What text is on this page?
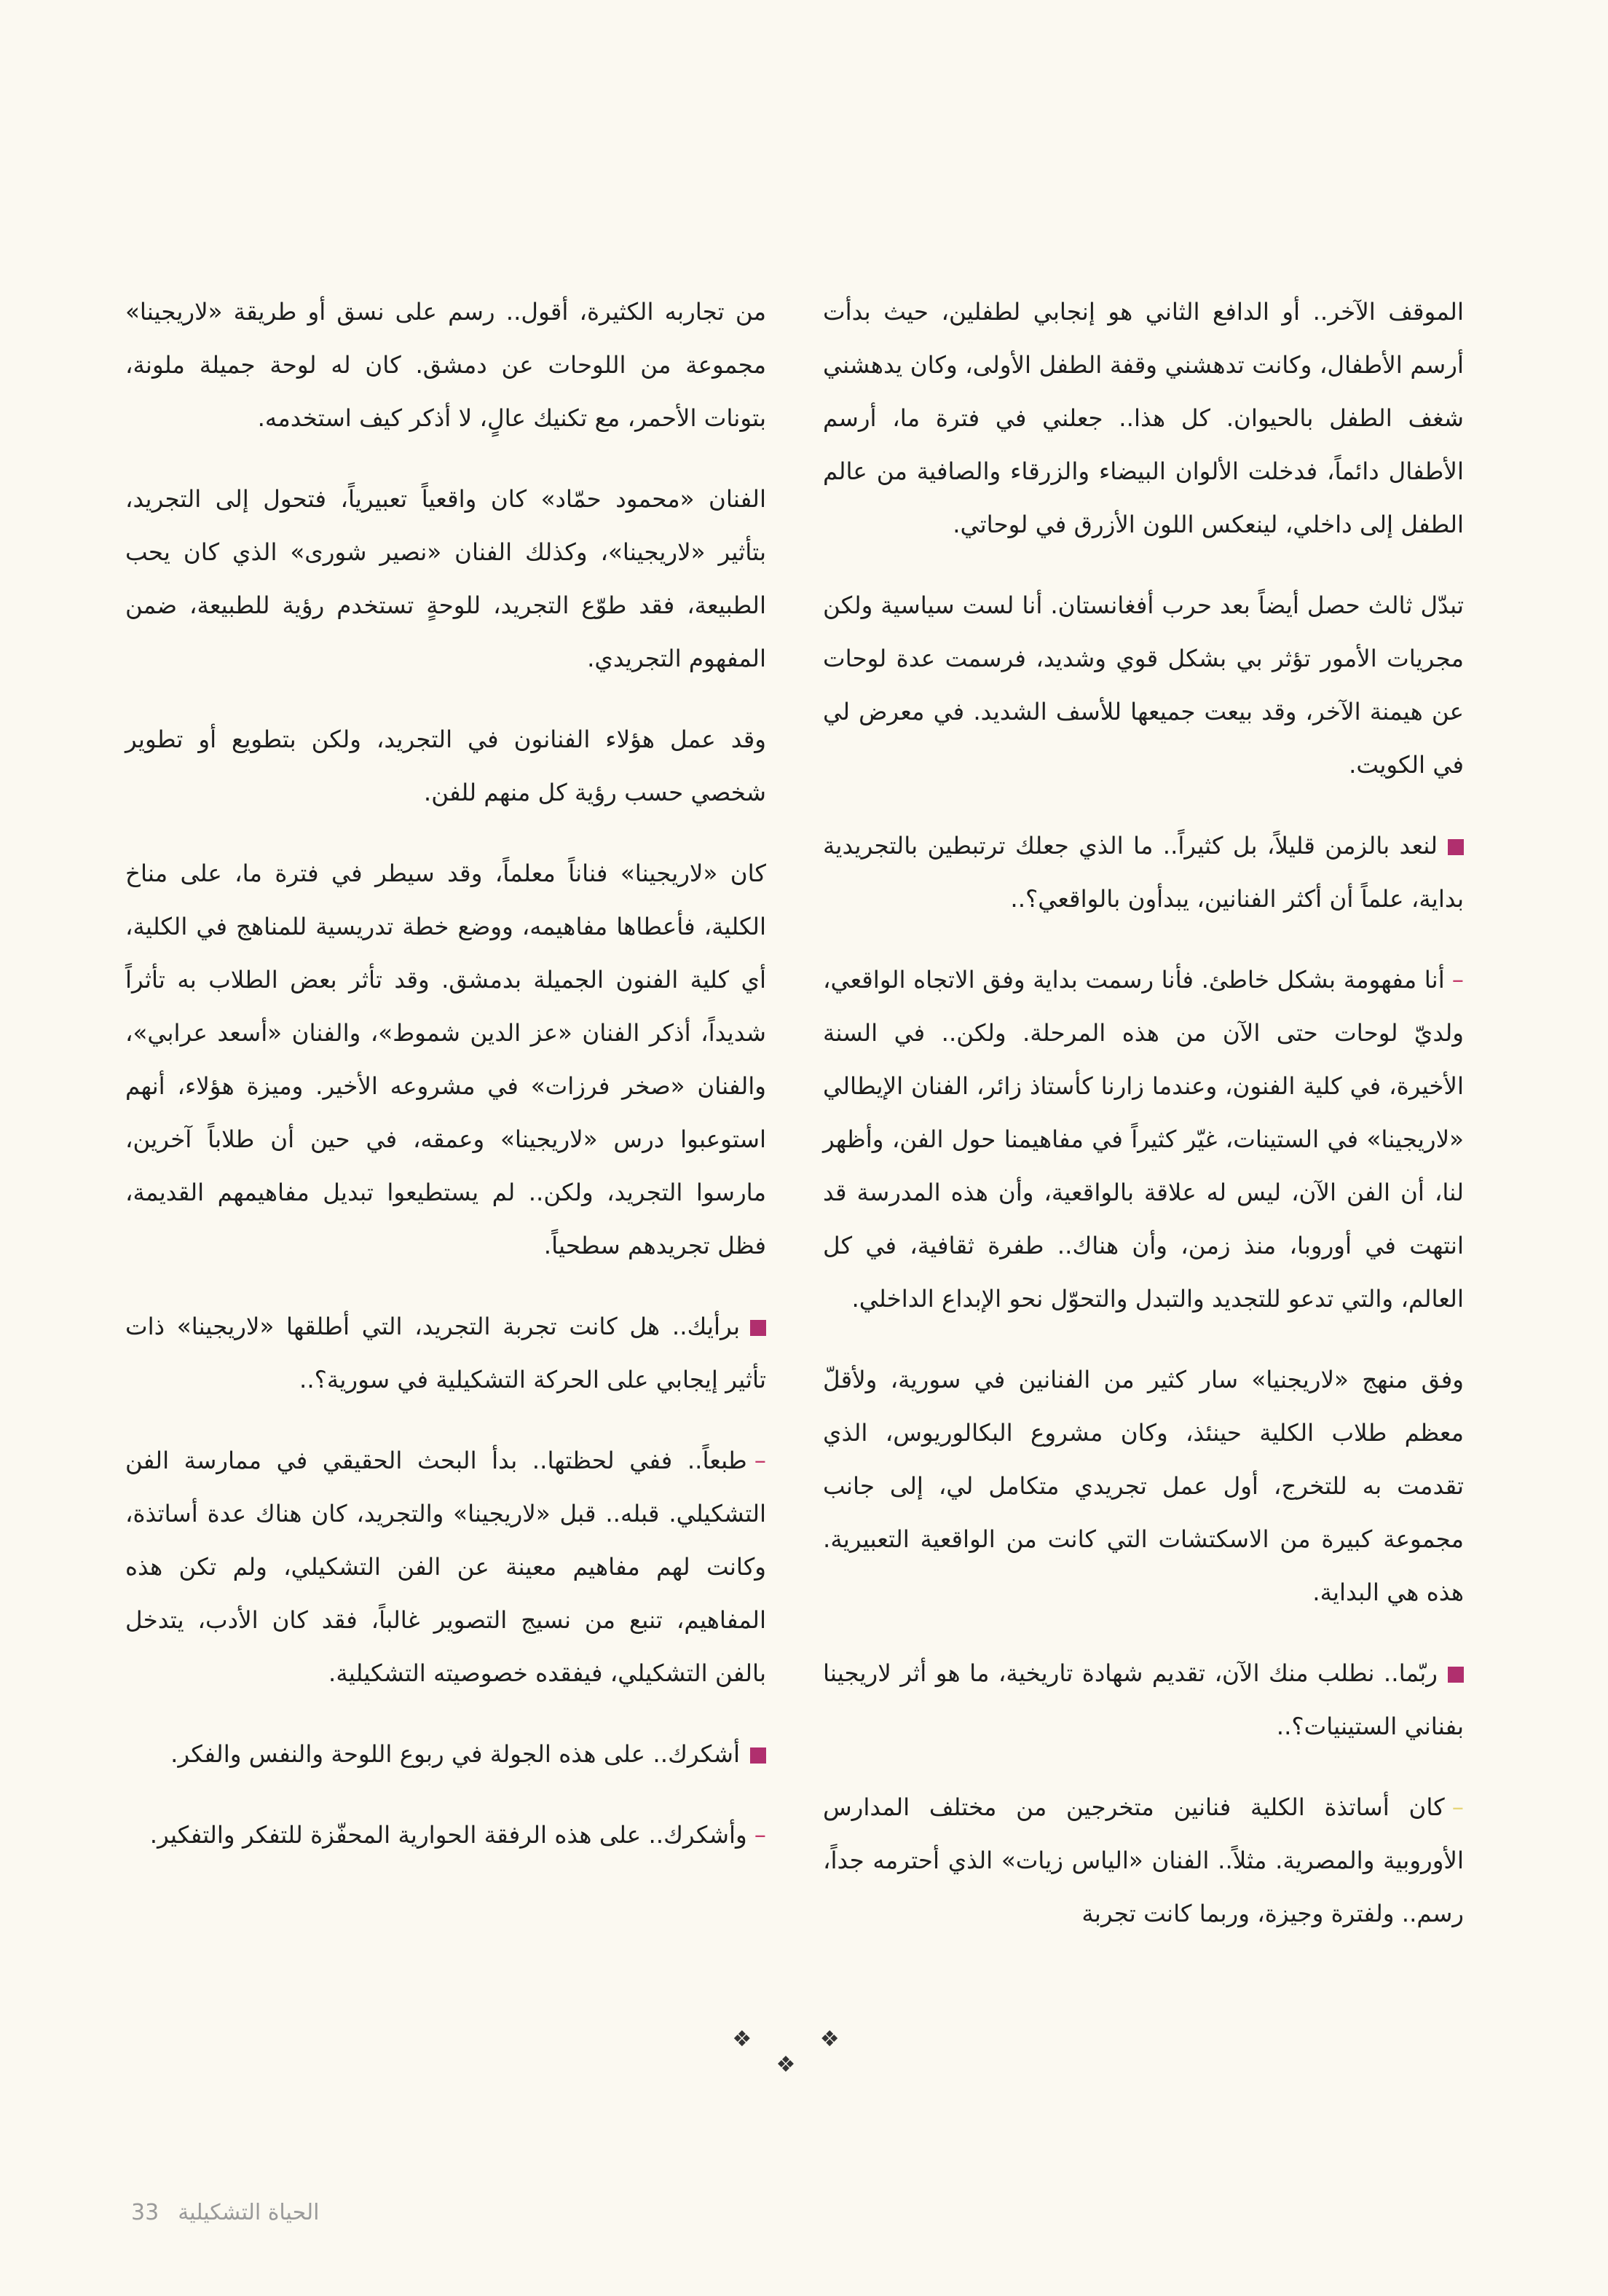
الموقف الآخر.. أو الدافع الثاني هو إنجابي لطفلين، حيث بدأت أرسم الأطفال، وكانت تدهشني وقفة الطفل الأولى، وكان يدهشني شغف الطفل بالحيوان. كل هذا.. جعلني في فترة ما، أرسم الأطفال دائماً، فدخلت الألوان البيضاء والزرقاء والصافية من عالم الطفل إلى داخلي، لينعكس اللون الأزرق في لوحاتي.

تبدّل ثالث حصل أيضاً بعد حرب أفغانستان. أنا لست سياسية ولكن مجريات الأمور تؤثر بي بشكل قوي وشديد، فرسمت عدة لوحات عن هيمنة الآخر، وقد بيعت جميعها للأسف الشديد. في معرض لي في الكويت.

لنعد بالزمن قليلاً، بل كثيراً.. ما الذي جعلك ترتبطين بالتجريدية بداية، علماً أن أكثر الفنانين، يبدأون بالواقعي؟..

–أنا مفهومة بشكل خاطئ. فأنا رسمت بداية وفق الاتجاه الواقعي، ولديّ لوحات حتى الآن من هذه المرحلة. ولكن.. في السنة الأخيرة، في كلية الفنون، وعندما زارنا كأستاذ زائر، الفنان الإيطالي «لاريجينا» في الستينات، غيّر كثيراً في مفاهيمنا حول الفن، وأظهر لنا، أن الفن الآن، ليس له علاقة بالواقعية، وأن هذه المدرسة قد انتهت في أوروبا، منذ زمن، وأن هناك.. طفرة ثقافية، في كل العالم، والتي تدعو للتجديد والتبدل والتحوّل نحو الإبداع الداخلي.

وفق منهج «لاريجنيا» سار كثير من الفنانين في سورية، ولأقلّ معظم طلاب الكلية حينئذ، وكان مشروع البكالوريوس، الذي تقدمت به للتخرج، أول عمل تجريدي متكامل لي، إلى جانب مجموعة كبيرة من الاسكتشات التي كانت من الواقعية التعبيرية. هذه هي البداية.

ربّما.. نطلب منك الآن، تقديم شهادة تاريخية، ما هو أثر لاريجينا بفناني الستينيات؟..

–كان أساتذة الكلية فنانين متخرجين من مختلف المدارس الأوروبية والمصرية. مثلاً.. الفنان «الياس زيات» الذي أحترمه جداً، رسم.. ولفترة وجيزة، وربما كانت تجربة

من تجاربه الكثيرة، أقول.. رسم على نسق أو طريقة «لاريجينا» مجموعة من اللوحات عن دمشق. كان له لوحة جميلة ملونة، بتونات الأحمر، مع تكنيك عالٍ، لا أذكر كيف استخدمه.

الفنان «محمود حمّاد» كان واقعياً تعبيرياً، فتحول إلى التجريد، بتأثير «لاريجينا»، وكذلك الفنان «نصير شورى» الذي كان يحب الطبيعة، فقد طوّع التجريد، للوحةٍ تستخدم رؤية للطبيعة، ضمن المفهوم التجريدي.

وقد عمل هؤلاء الفنانون في التجريد، ولكن بتطويع أو تطوير شخصي حسب رؤية كل منهم للفن.

كان «لاريجينا» فناناً معلماً، وقد سيطر في فترة ما، على مناخ الكلية، فأعطاها مفاهيمه، ووضع خطة تدريسية للمناهج في الكلية، أي كلية الفنون الجميلة بدمشق. وقد تأثر بعض الطلاب به تأثراً شديداً، أذكر الفنان «عز الدين شموط»، والفنان «أسعد عرابي»، والفنان «صخر فرزات» في مشروعه الأخير. وميزة هؤلاء، أنهم استوعبوا درس «لاريجينا» وعمقه، في حين أن طلاباً آخرين، مارسوا التجريد، ولكن.. لم يستطيعوا تبديل مفاهيمهم القديمة، فظل تجريدهم سطحياً.

برأيك.. هل كانت تجربة التجريد، التي أطلقها «لاريجينا» ذات تأثير إيجابي على الحركة التشكيلية في سورية؟..

–طبعاً.. ففي لحظتها.. بدأ البحث الحقيقي في ممارسة الفن التشكيلي. قبله.. قبل «لاريجينا» والتجريد، كان هناك عدة أساتذة، وكانت لهم مفاهيم معينة عن الفن التشكيلي، ولم تكن هذه المفاهيم، تنبع من نسيج التصوير غالباً، فقد كان الأدب، يتدخل بالفن التشكيلي، فيفقده خصوصيته التشكيلية.

أشكرك.. على هذه الجولة في ربوع اللوحة والنفس والفكر.

–وأشكرك.. على هذه الرفقة الحوارية المحفّزة للتفكر والتفكير.

❖ ❖ ❖
33 الحياة التشكيلية
